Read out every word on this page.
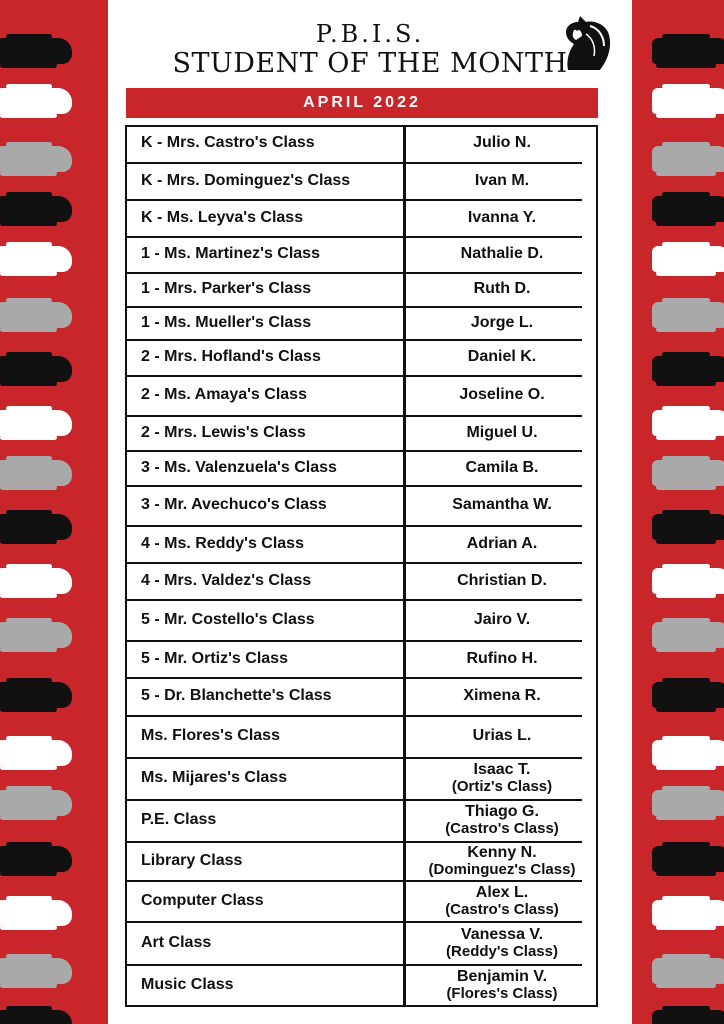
P.B.I.S.
STUDENT OF THE MONTH
APRIL 2022
K - Mrs. Castro's Class	Julio N.
K - Mrs. Dominguez's Class	Ivan M.
K - Ms. Leyva's Class	Ivanna Y.
1 - Ms. Martinez's Class	Nathalie D.
1 - Mrs. Parker's Class	Ruth D.
1 - Ms. Mueller's Class	Jorge L.
2 - Mrs. Hofland's Class	Daniel K.
2 - Ms. Amaya's Class	Joseline O.
2 - Mrs. Lewis's Class	Miguel U.
3 - Ms. Valenzuela's Class	Camila B.
3 - Mr. Avechuco's Class	Samantha W.
4 - Ms. Reddy's Class	Adrian A.
4 - Mrs. Valdez's Class	Christian D.
5 - Mr. Costello's Class	Jairo V.
5 - Mr. Ortiz's Class	Rufino H.
5 - Dr. Blanchette's Class	Ximena R.
Ms. Flores's Class	Urias L.
Ms. Mijares's Class	Isaac T.
(Ortiz's Class)
P.E. Class	Thiago G.
(Castro's Class)
Library Class	Kenny N.
(Dominguez's Class)
Computer Class	Alex L.
(Castro's Class)
Art Class	Vanessa V.
(Reddy's Class)
Music Class	Benjamin V.
(Flores's Class)
